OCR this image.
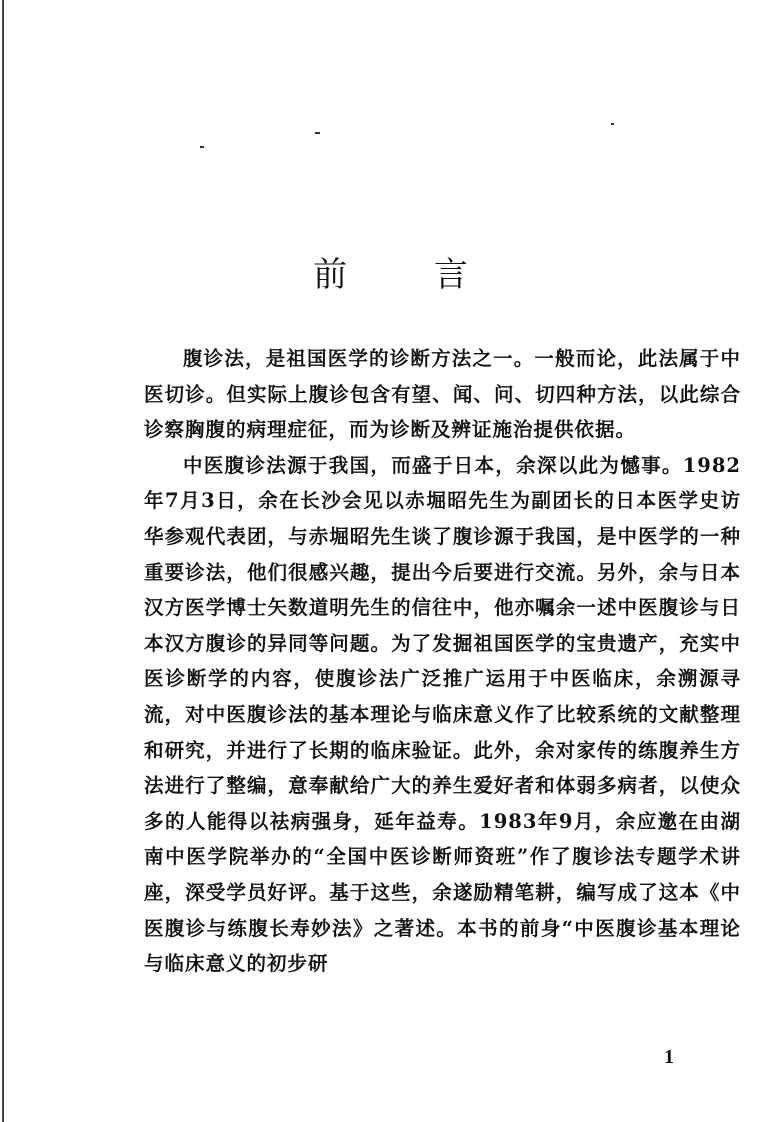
前 言

腹诊法，是祖国医学的诊断方法之一。一般而论，此法属于中医切诊。但实际上腹诊包含有望、闻、问、切四种方法，以此综合诊察胸腹的病理症征，而为诊断及辨证施治提供依据。

中医腹诊法源于我国，而盛于日本，余深以此为憾事。1982年7月3日，余在长沙会见以赤堀昭先生为副团长的日本医学史访华参观代表团，与赤堀昭先生谈了腹诊源于我国，是中医学的一种重要诊法，他们很感兴趣，提出今后要进行交流。另外，余与日本汉方医学博士矢数道明先生的信往中，他亦嘱余一述中医腹诊与日本汉方腹诊的异同等问题。为了发掘祖国医学的宝贵遗产，充实中医诊断学的内容，使腹诊法广泛推广运用于中医临床，余溯源寻流，对中医腹诊法的基本理论与临床意义作了比较系统的文献整理和研究，并进行了长期的临床验证。此外，余对家传的练腹养生方法进行了整编，意奉献给广大的养生爱好者和体弱多病者，以使众多的人能得以祛病强身，延年益寿。1983年9月，余应邀在由湖南中医学院举办的“全国中医诊断师资班”作了腹诊法专题学术讲座，深受学员好评。基于这些，余遂励精笔耕，编写成了这本《中医腹诊与练腹长寿妙法》之著述。本书的前身“中医腹诊基本理论与临床意义的初步研

1
